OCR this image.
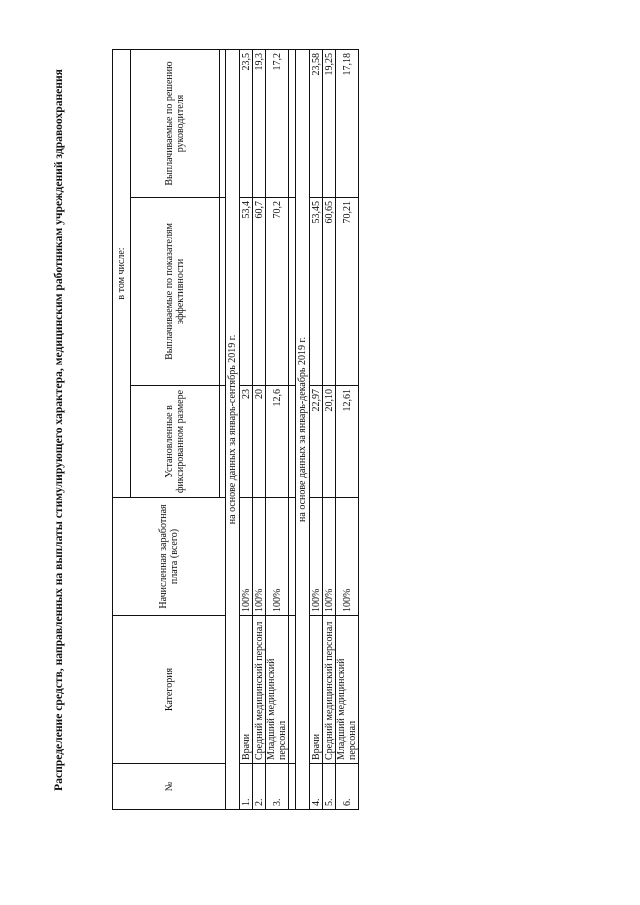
Распределение средств, направленных на выплаты стимулирующего характера, медицинским работникам учреждений здравоохранения	№	Категория	Начисленная заработная плата (всего)	в том числе:		
			Установленные в фиксированном размере	Выплачиваемые по показателям эффективности	Выплачиваемые по решению руководителя

на основе данных за январь-сентябрь 2019 г.					
1.	Врачи	100%	23	53,4	23,5
2.	Средний медицинский персонал	100%	20	60,7	19,3
3.	Младший медицинский персонал	100%	12,6	70,2	17,2

на основе данных за январь-декабрь 2019 г.					
4.	Врачи	100%	22,97	53,45	23,58
5.	Средний медицинский персонал	100%	20,10	60,65	19,25
6.	Младший медицинский персонал	100%	12,61	70,21	17,18
